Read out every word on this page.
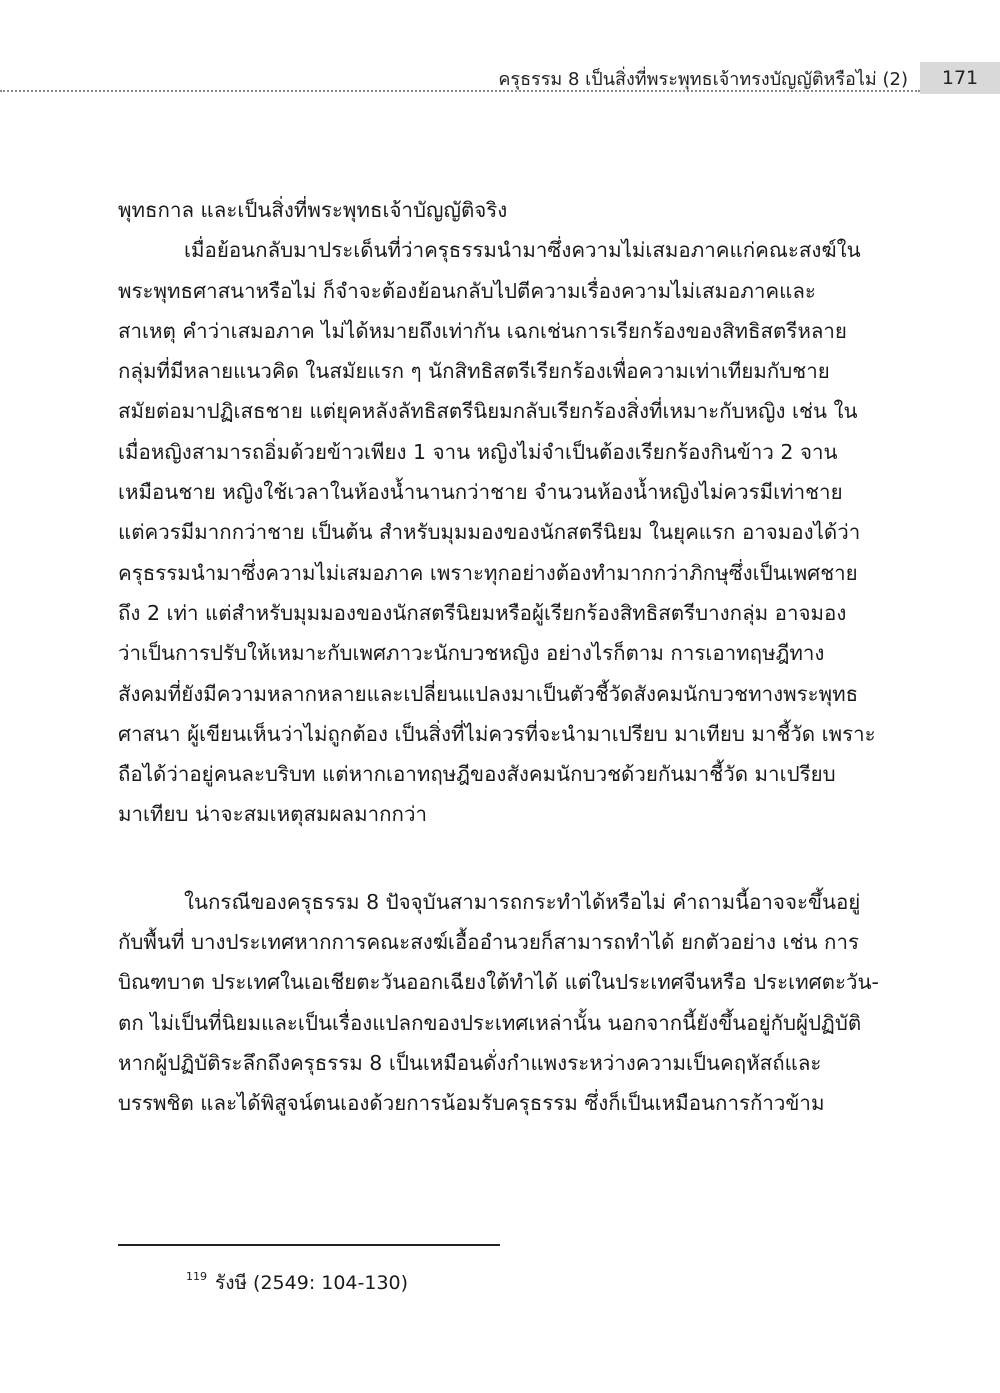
ครุธรรม 8 เป็นสิ่งที่พระพุทธเจ้าทรงบัญญัติหรือไม่ (2)	171
พุทธกาล และเป็นสิ่งที่พระพุทธเจ้าบัญญัติจริง
เมื่อย้อนกลับมาประเด็นที่ว่าครุธรรมนำมาซึ่งความไม่เสมอภาคแก่คณะสงฆ์ใน
พระพุทธศาสนาหรือไม่ ก็จำจะต้องย้อนกลับไปตีความเรื่องความไม่เสมอภาคและ
สาเหตุ คำว่าเสมอภาค ไม่ได้หมายถึงเท่ากัน เฉกเช่นการเรียกร้องของสิทธิสตรีหลาย
กลุ่มที่มีหลายแนวคิด ในสมัยแรก ๆ นักสิทธิสตรีเรียกร้องเพื่อความเท่าเทียมกับชาย
สมัยต่อมาปฏิเสธชาย แต่ยุคหลังลัทธิสตรีนิยมกลับเรียกร้องสิ่งที่เหมาะกับหญิง เช่น ใน
เมื่อหญิงสามารถอิ่มด้วยข้าวเพียง 1 จาน หญิงไม่จำเป็นต้องเรียกร้องกินข้าว 2 จาน
เหมือนชาย หญิงใช้เวลาในห้องน้ำนานกว่าชาย จำนวนห้องน้ำหญิงไม่ควรมีเท่าชาย
แต่ควรมีมากกว่าชาย เป็นต้น สำหรับมุมมองของนักสตรีนิยม ในยุคแรก อาจมองได้ว่า
ครุธรรมนำมาซึ่งความไม่เสมอภาค เพราะทุกอย่างต้องทำมากกว่าภิกษุซึ่งเป็นเพศชาย
ถึง 2 เท่า แต่สำหรับมุมมองของนักสตรีนิยมหรือผู้เรียกร้องสิทธิสตรีบางกลุ่ม อาจมอง
ว่าเป็นการปรับให้เหมาะกับเพศภาวะนักบวชหญิง อย่างไรก็ตาม การเอาทฤษฎีทาง
สังคมที่ยังมีความหลากหลายและเปลี่ยนแปลงมาเป็นตัวชี้วัดสังคมนักบวชทางพระพุทธ
ศาสนา ผู้เขียนเห็นว่าไม่ถูกต้อง เป็นสิ่งที่ไม่ควรที่จะนำมาเปรียบ มาเทียบ มาชี้วัด เพราะ
ถือได้ว่าอยู่คนละบริบท แต่หากเอาทฤษฎีของสังคมนักบวชด้วยกันมาชี้วัด มาเปรียบ
มาเทียบ น่าจะสมเหตุสมผลมากกว่า
ในกรณีของครุธรรม 8 ปัจจุบันสามารถกระทำได้หรือไม่ คำถามนี้อาจจะขึ้นอยู่
กับพื้นที่ บางประเทศหากการคณะสงฆ์เอื้ออำนวยก็สามารถทำได้ ยกตัวอย่าง เช่น การ
บิณฑบาต ประเทศในเอเชียตะวันออกเฉียงใต้ทำได้ แต่ในประเทศจีนหรือ ประเทศตะวัน-
ตก ไม่เป็นที่นิยมและเป็นเรื่องแปลกของประเทศเหล่านั้น นอกจากนี้ยังขึ้นอยู่กับผู้ปฏิบัติ
หากผู้ปฏิบัติระลึกถึงครุธรรม 8 เป็นเหมือนดั่งกำแพงระหว่างความเป็นคฤหัสถ์และ
บรรพชิต และได้พิสูจน์ตนเองด้วยการน้อมรับครุธรรม ซึ่งก็เป็นเหมือนการก้าวข้าม
$^{119}$ รังษี (2549: 104-130)
